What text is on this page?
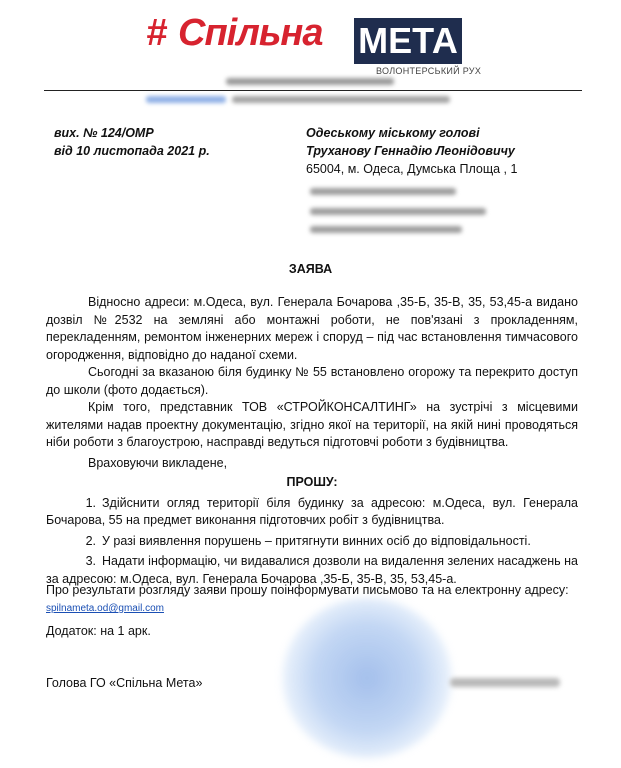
# Спільна МЕТА
ВОЛОНТЕРСЬКИЙ РУХ
вих. № 124/ОМР
від 10 листопада 2021 р.
Одеському міському голові
Труханову Геннадію Леонідовичу
65004, м. Одеса, Думська Площа , 1
ЗАЯВА

Відносно адреси: м.Одеса, вул. Генерала Бочарова ,35-Б, 35-В, 35, 53,45-а видано дозвіл №2532 на земляні або монтажні роботи, не пов'язані з прокладенням, перекладенням, ремонтом інженерних мереж і споруд – під час встановлення тимчасового огородження, відповідно до наданої схеми.

Сьогодні за вказаною біля будинку № 55 встановлено огорожу та перекрито доступ до школи (фото додається).

Крім того, представник ТОВ «СТРОЙКОНСАЛТИНГ» на зустрічі з місцевими жителями надав проектну документацію, згідно якої на території, на якій нині проводяться ніби роботи з благоустрою, насправді ведуться підготовчі роботи з будівництва.

Враховуючи викладене,

ПРОШУ:

1. Здійснити огляд території біля будинку за адресою: м.Одеса, вул. Генерала Бочарова, 55 на предмет виконання підготовчих робіт з будівництва.

2. У разі виявлення порушень – притягнути винних осіб до відповідальності.

3. Надати інформацію, чи видавалися дозволи на видалення зелених насаджень на за адресою: м.Одеса, вул. Генерала Бочарова ,35-Б, 35-В, 35, 53,45-а.

Про результати розгляду заяви прошу поінформувати письмово та на електронну адресу:
spilnameta.od@gmail.com
Додаток: на 1 арк.
Голова ГО «Спільна Мета»
